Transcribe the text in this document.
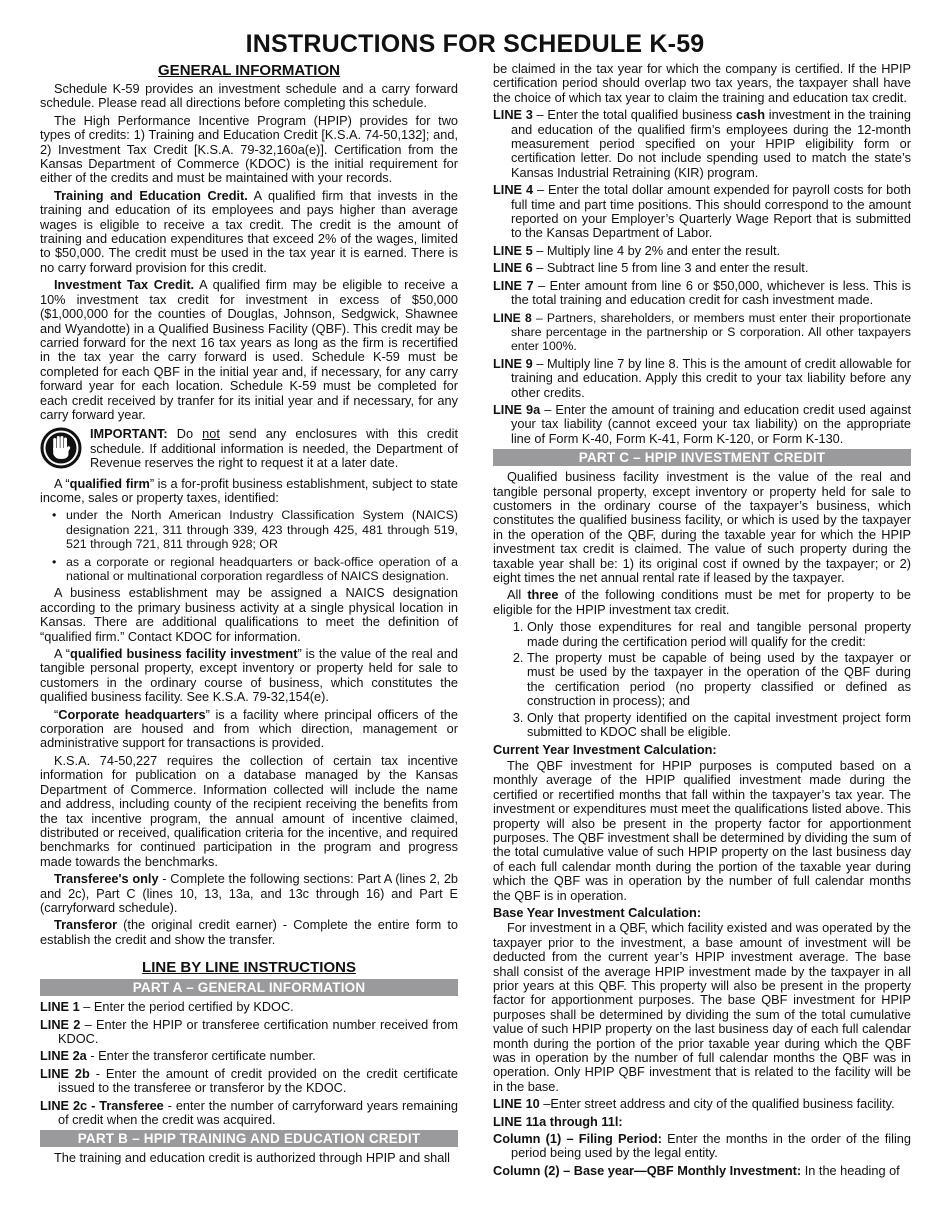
INSTRUCTIONS FOR SCHEDULE K-59
GENERAL INFORMATION

Schedule K-59 provides an investment schedule and a carry forward schedule. Please read all directions before completing this schedule.

The High Performance Incentive Program (HPIP) provides for two types of credits: 1) Training and Education Credit [K.S.A. 74-50,132]; and, 2) Investment Tax Credit [K.S.A. 79-32,160a(e)]. Certification from the Kansas Department of Commerce (KDOC) is the initial requirement for either of the credits and must be maintained with your records.

Training and Education Credit. A qualified firm that invests in the training and education of its employees and pays higher than average wages is eligible to receive a tax credit. The credit is the amount of training and education expenditures that exceed 2% of the wages, limited to $50,000. The credit must be used in the tax year it is earned. There is no carry forward provision for this credit.

Investment Tax Credit. A qualified firm may be eligible to receive a 10% investment tax credit for investment in excess of $50,000 ($1,000,000 for the counties of Douglas, Johnson, Sedgwick, Shawnee and Wyandotte) in a Qualified Business Facility (QBF). This credit may be carried forward for the next 16 tax years as long as the firm is recertified in the tax year the carry forward is used. Schedule K-59 must be completed for each QBF in the initial year and, if necessary, for any carry forward year for each location. Schedule K-59 must be completed for each credit received by tranfer for its initial year and if necessary, for any carry forward year.

IMPORTANT: Do not send any enclosures with this credit schedule. If additional information is needed, the Department of Revenue reserves the right to request it at a later date.

A “qualified firm” is a for-profit business establishment, subject to state income, sales or property taxes, identified:

• under the North American Industry Classification System (NAICS) designation 221, 311 through 339, 423 through 425, 481 through 519, 521 through 721, 811 through 928; OR
• as a corporate or regional headquarters or back-office operation of a national or multinational corporation regardless of NAICS designation.

A business establishment may be assigned a NAICS designation according to the primary business activity at a single physical location in Kansas. There are additional qualifications to meet the definition of “qualified firm.” Contact KDOC for information.

A “qualified business facility investment” is the value of the real and tangible personal property, except inventory or property held for sale to customers in the ordinary course of business, which constitutes the qualified business facility. See K.S.A. 79-32,154(e).

“Corporate headquarters” is a facility where principal officers of the corporation are housed and from which direction, management or administrative support for transactions is provided.

K.S.A. 74-50,227 requires the collection of certain tax incentive information for publication on a database managed by the Kansas Department of Commerce. Information collected will include the name and address, including county of the recipient receiving the benefits from the tax incentive program, the annual amount of incentive claimed, distributed or received, qualification criteria for the incentive, and required benchmarks for continued participation in the program and progress made towards the benchmarks.

Transferee's only - Complete the following sections: Part A (lines 2, 2b and 2c), Part C (lines 10, 13, 13a, and 13c through 16) and Part E (carryforward schedule).

Transferor (the original credit earner) - Complete the entire form to establish the credit and show the transfer.

LINE BY LINE INSTRUCTIONS
PART A – GENERAL INFORMATION
LINE 1 – Enter the period certified by KDOC.
LINE 2 – Enter the HPIP or transferee certification number received from KDOC.
LINE 2a - Enter the transferor certificate number.
LINE 2b - Enter the amount of credit provided on the credit certificate issued to the transferee or transferor by the KDOC.
LINE 2c - Transferee - enter the number of carryforward years remaining of credit when the credit was acquired.
PART B – HPIP TRAINING AND EDUCATION CREDIT

The training and education credit is authorized through HPIP and shall

be claimed in the tax year for which the company is certified. If the HPIP certification period should overlap two tax years, the taxpayer shall have the choice of which tax year to claim the training and education tax credit.

LINE 3 – Enter the total qualified business cash investment in the training and education of the qualified firm’s employees during the 12-month measurement period specified on your HPIP eligibility form or certification letter. Do not include spending used to match the state’s Kansas Industrial Retraining (KIR) program.
LINE 4 – Enter the total dollar amount expended for payroll costs for both full time and part time positions. This should correspond to the amount reported on your Employer’s Quarterly Wage Report that is submitted to the Kansas Department of Labor.
LINE 5 – Multiply line 4 by 2% and enter the result.
LINE 6 – Subtract line 5 from line 3 and enter the result.
LINE 7 – Enter amount from line 6 or $50,000, whichever is less. This is the total training and education credit for cash investment made.
LINE 8 – Partners, shareholders, or members must enter their proportionate share percentage in the partnership or S corporation. All other taxpayers enter 100%.
LINE 9 – Multiply line 7 by line 8. This is the amount of credit allowable for training and education. Apply this credit to your tax liability before any other credits.
LINE 9a – Enter the amount of training and education credit used against your tax liability (cannot exceed your tax liability) on the appropriate line of Form K-40, Form K-41, Form K-120, or Form K-130.
PART C – HPIP INVESTMENT CREDIT

Qualified business facility investment is the value of the real and tangible personal property, except inventory or property held for sale to customers in the ordinary course of the taxpayer’s business, which constitutes the qualified business facility, or which is used by the taxpayer in the operation of the QBF, during the taxable year for which the HPIP investment tax credit is claimed. The value of such property during the taxable year shall be: 1) its original cost if owned by the taxpayer; or 2) eight times the net annual rental rate if leased by the taxpayer.

All three of the following conditions must be met for property to be eligible for the HPIP investment tax credit.

1. Only those expenditures for real and tangible personal property made during the certification period will qualify for the credit:
2. The property must be capable of being used by the taxpayer or must be used by the taxpayer in the operation of the QBF during the certification period (no property classified or defined as construction in process); and
3. Only that property identified on the capital investment project form submitted to KDOC shall be eligible.
Current Year Investment Calculation:

The QBF investment for HPIP purposes is computed based on a monthly average of the HPIP qualified investment made during the certified or recertified months that fall within the taxpayer’s tax year. The investment or expenditures must meet the qualifications listed above. This property will also be present in the property factor for apportionment purposes. The QBF investment shall be determined by dividing the sum of the total cumulative value of such HPIP property on the last business day of each full calendar month during the portion of the taxable year during which the QBF was in operation by the number of full calendar months the QBF is in operation.

Base Year Investment Calculation:

For investment in a QBF, which facility existed and was operated by the taxpayer prior to the investment, a base amount of investment will be deducted from the current year’s HPIP investment average. The base shall consist of the average HPIP investment made by the taxpayer in all prior years at this QBF. This property will also be present in the property factor for apportionment purposes. The base QBF investment for HPIP purposes shall be determined by dividing the sum of the total cumulative value of such HPIP property on the last business day of each full calendar month during the portion of the prior taxable year during which the QBF was in operation by the number of full calendar months the QBF was in operation. Only HPIP QBF investment that is related to the facility will be in the base.

LINE 10 –Enter street address and city of the qualified business facility.
LINE 11a through 11l:
Column (1) – Filing Period: Enter the months in the order of the filing period being used by the legal entity.
Column (2) – Base year—QBF Monthly Investment: In the heading of
